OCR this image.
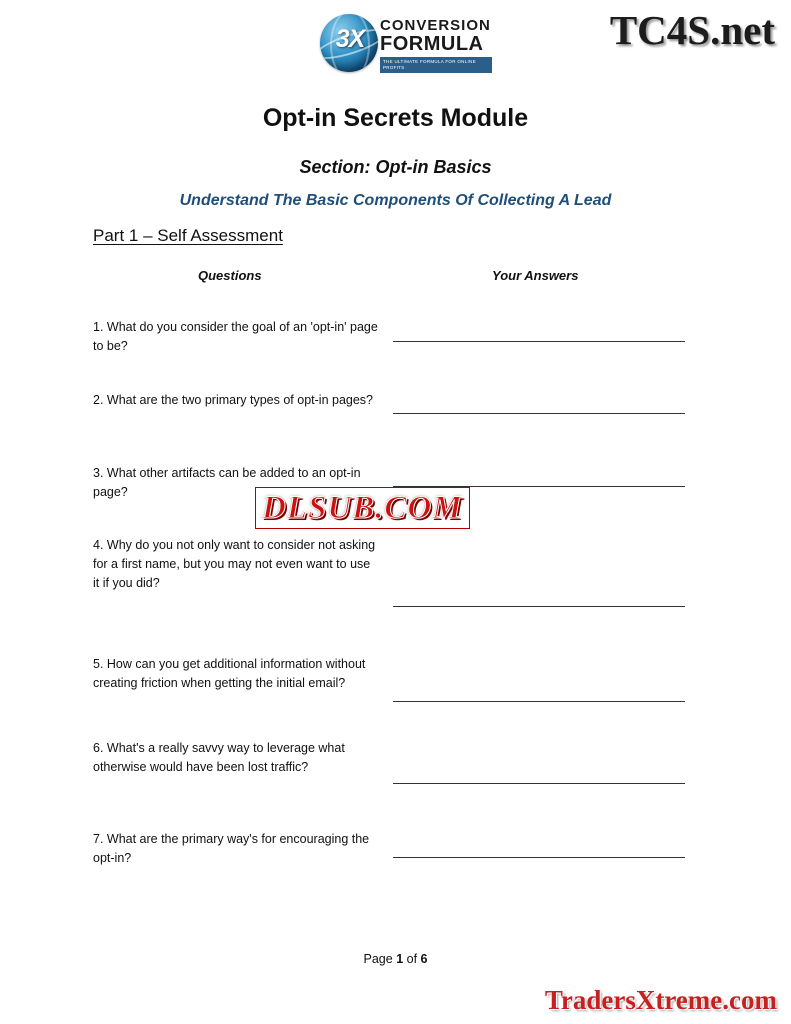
3X	CONVERSION
FORMULA
THE ULTIMATE FORMULA FOR ONLINE PROFITS
TC4S.net
Opt-in Secrets Module
Section: Opt-in Basics
Understand The Basic Components Of Collecting A Lead
Part 1 – Self Assessment
Questions	Your Answers
1. What do you consider the goal of an 'opt-in' page to be?
2. What are the two primary types of opt-in pages?
3. What other artifacts can be added to an opt-in page?
4. Why do you not only want to consider not asking for a first name, but you may not even want to use it if you did?
5. How can you get additional information without creating friction when getting the initial email?
6. What's a really savvy way to leverage what otherwise would have been lost traffic?
7. What are the primary way's for encouraging the opt-in?
DLSUB.COM
TradersXtreme.com
Page 1 of 6
